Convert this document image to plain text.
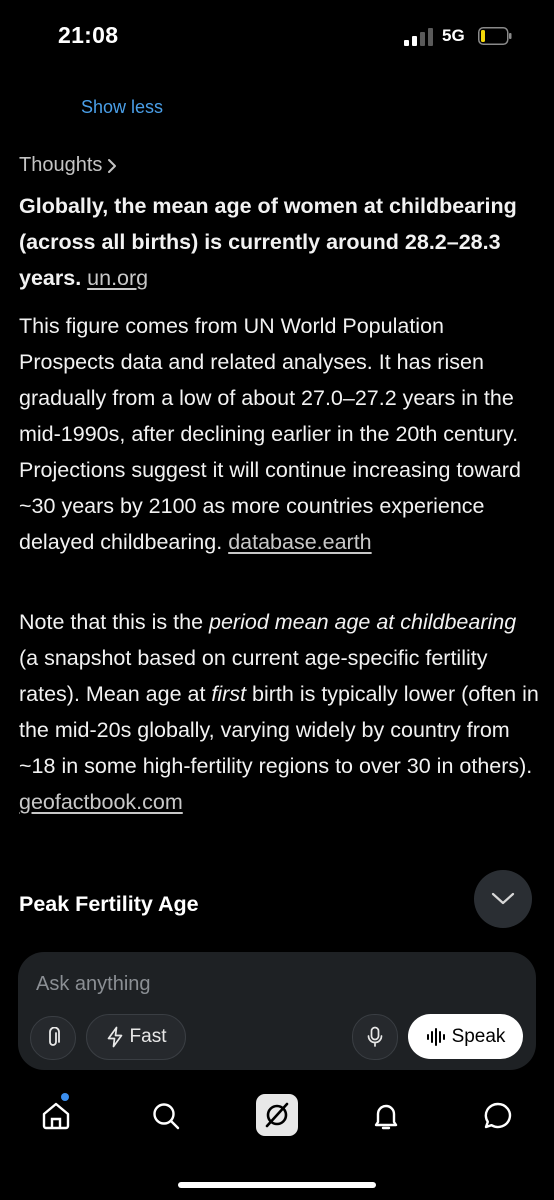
21:08	5G
Show less
Thoughts

Globally, the mean age of women at childbearing (across all births) is currently around 28.2–28.3 years. un.org

This figure comes from UN World Population Prospects data and related analyses. It has risen gradually from a low of about 27.0–27.2 years in the mid-1990s, after declining earlier in the 20th century. Projections suggest it will continue increasing toward ~30 years by 2100 as more countries experience delayed childbearing. database.earth

Note that this is the period mean age at childbearing (a snapshot based on current age-specific fertility rates). Mean age at first birth is typically lower (often in the mid-20s globally, varying widely by country from ~18 in some high-fertility regions to over 30 in others). geofactbook.com

Peak Fertility Age
Ask anything
Fast	Speak
